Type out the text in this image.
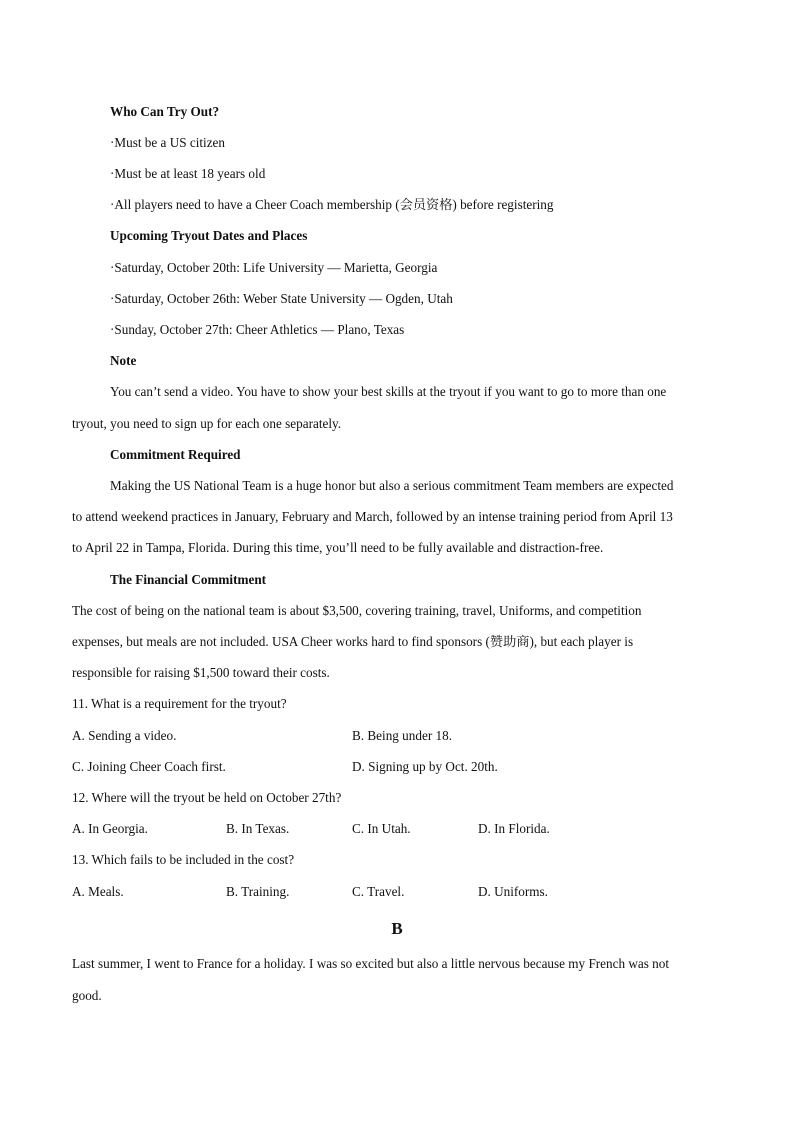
Who Can Try Out?
·Must be a US citizen
·Must be at least 18 years old
·All players need to have a Cheer Coach membership (会员资格) before registering
Upcoming Tryout Dates and Places
·Saturday, October 20th: Life University — Marietta, Georgia
·Saturday, October 26th: Weber State University — Ogden, Utah
·Sunday, October 27th: Cheer Athletics — Plano, Texas
Note
You can’t send a video. You have to show your best skills at the tryout if you want to go to more than one
tryout, you need to sign up for each one separately.
Commitment Required
Making the US National Team is a huge honor but also a serious commitment Team members are expected
to attend weekend practices in January, February and March, followed by an intense training period from April 13
to April 22 in Tampa, Florida. During this time, you’ll need to be fully available and distraction-free.
The Financial Commitment
The cost of being on the national team is about $3,500, covering training, travel, Uniforms, and competition
expenses, but meals are not included. USA Cheer works hard to find sponsors (赞助商), but each player is
responsible for raising $1,500 toward their costs.
11. What is a requirement for the tryout?
A. Sending a video.	B. Being under 18.
C. Joining Cheer Coach first.	D. Signing up by Oct. 20th.
12. Where will the tryout be held on October 27th?
A. In Georgia.	B. In Texas.	C. In Utah.	D. In Florida.
13. Which fails to be included in the cost?
A. Meals.	B. Training.	C. Travel.	D. Uniforms.
B
Last summer, I went to France for a holiday. I was so excited but also a little nervous because my French was not
good.
